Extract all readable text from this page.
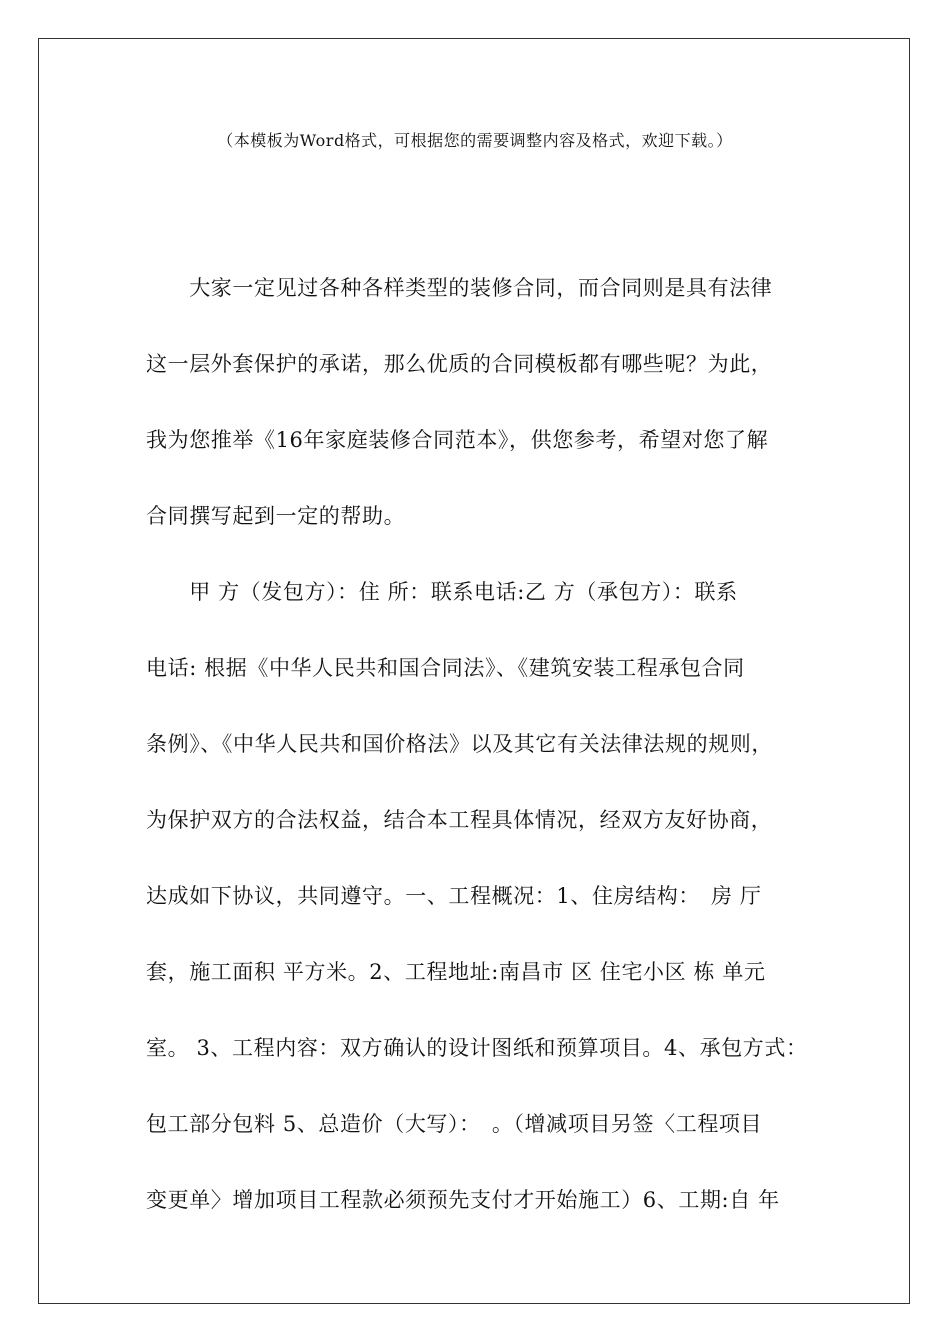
（本模板为Word格式，可根据您的需要调整内容及格式，欢迎下载。）
　　大家一定见过各种各样类型的装修合同，而合同则是具有法律
这一层外套保护的承诺，那么优质的合同模板都有哪些呢？为此，
我为您推举《16年家庭装修合同范本》，供您参考，希望对您了解
合同撰写起到一定的帮助。
　　甲 方（发包方）：住 所：联系电话:乙 方（承包方）：联系
电话: 根据《中华人民共和国合同法》、《建筑安装工程承包合同
条例》、《中华人民共和国价格法》以及其它有关法律法规的规则，
为保护双方的合法权益，结合本工程具体情况，经双方友好协商，
达成如下协议，共同遵守。一、工程概况：1、住房结构：　房 厅
套，施工面积 平方米。2、工程地址:南昌市 区 住宅小区 栋 单元
室。 3、工程内容：双方确认的设计图纸和预算项目。4、承包方式：
包工部分包料 5、总造价（大写）：　。（增减项目另签〈工程项目
变更单〉增加项目工程款必须预先支付才开始施工）6、工期:自 年
